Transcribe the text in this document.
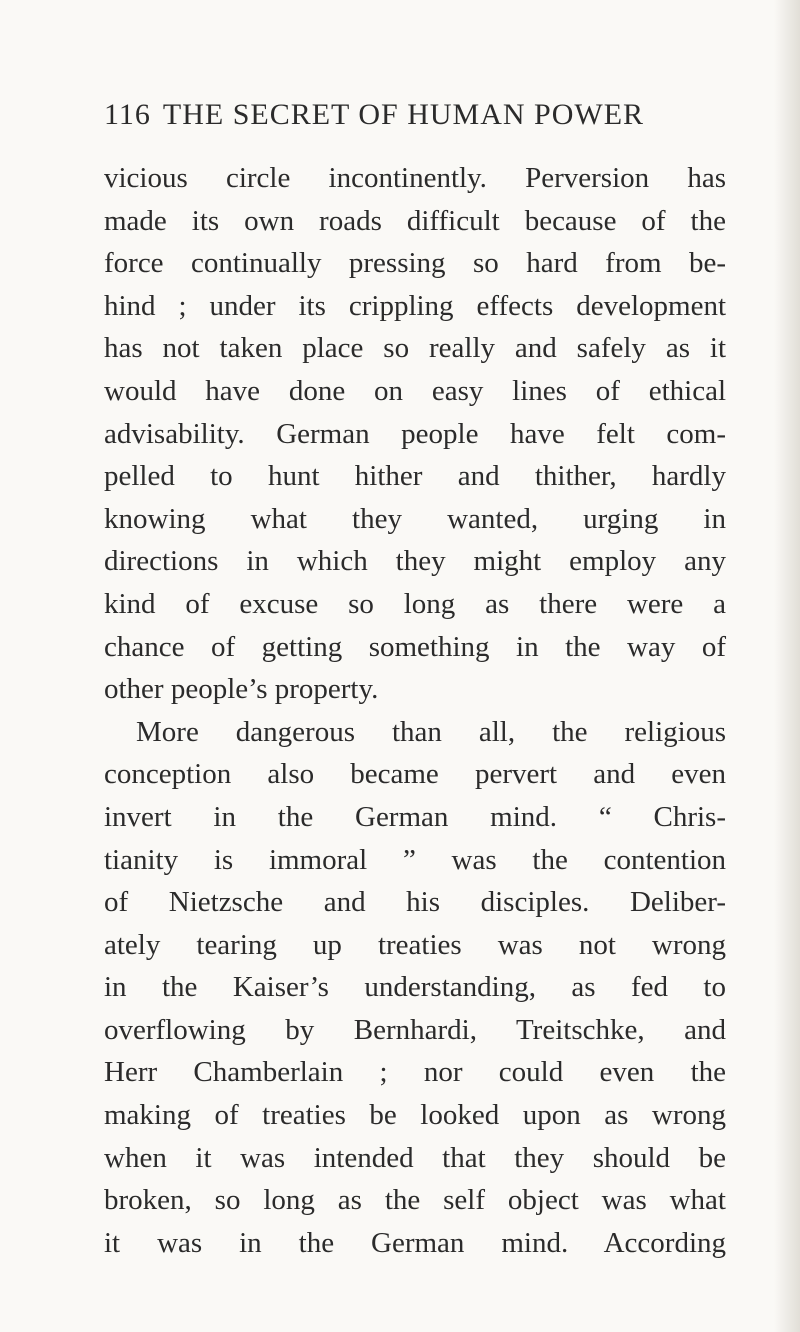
116 THE SECRET OF HUMAN POWER
vicious circle incontinently. Perversion has
made its own roads difficult because of the
force continually pressing so hard from be-
hind ; under its crippling effects development
has not taken place so really and safely as it
would have done on easy lines of ethical
advisability. German people have felt com-
pelled to hunt hither and thither, hardly
knowing what they wanted, urging in
directions in which they might employ any
kind of excuse so long as there were a
chance of getting something in the way of
other people’s property.
More dangerous than all, the religious
conception also became pervert and even
invert in the German mind. “ Chris-
tianity is immoral ” was the contention
of Nietzsche and his disciples. Deliber-
ately tearing up treaties was not wrong
in the Kaiser’s understanding, as fed to
overflowing by Bernhardi, Treitschke, and
Herr Chamberlain ; nor could even the
making of treaties be looked upon as wrong
when it was intended that they should be
broken, so long as the self object was what
it was in the German mind. According
